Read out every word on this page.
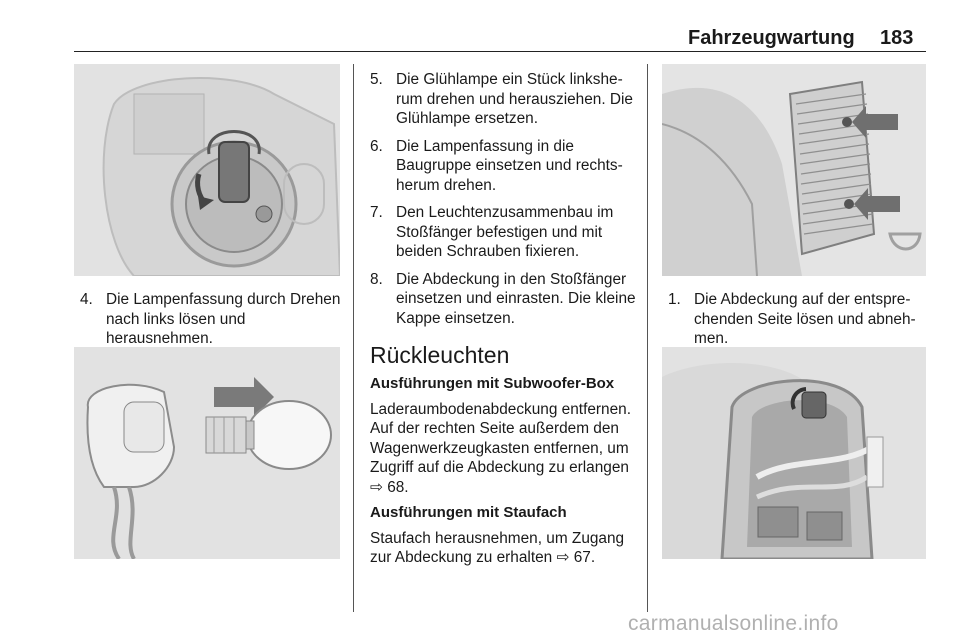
Fahrzeugwartung 183
4. Die Lampenfassung durch Drehen nach links lösen und herausnehmen.
5. Die Glühlampe ein Stück linksherum drehen und herausziehen. Die Glühlampe ersetzen.
6. Die Lampenfassung in die Baugruppe einsetzen und rechtsherum drehen.
7. Den Leuchtenzusammenbau im Stoßfänger befestigen und mit beiden Schrauben fixieren.
8. Die Abdeckung in den Stoßfänger einsetzen und einrasten. Die kleine Kappe einsetzen.
Rückleuchten
Ausführungen mit Subwoofer-Box
Laderaumbodenabdeckung entfernen. Auf der rechten Seite außerdem den Wagenwerkzeugkasten entfernen, um Zugriff auf die Abdeckung zu erlangen ⇨ 68.
Ausführungen mit Staufach
Staufach herausnehmen, um Zugang zur Abdeckung zu erhalten ⇨ 67.
1. Die Abdeckung auf der entsprechenden Seite lösen und abnehmen.
carmanualsonline.info
